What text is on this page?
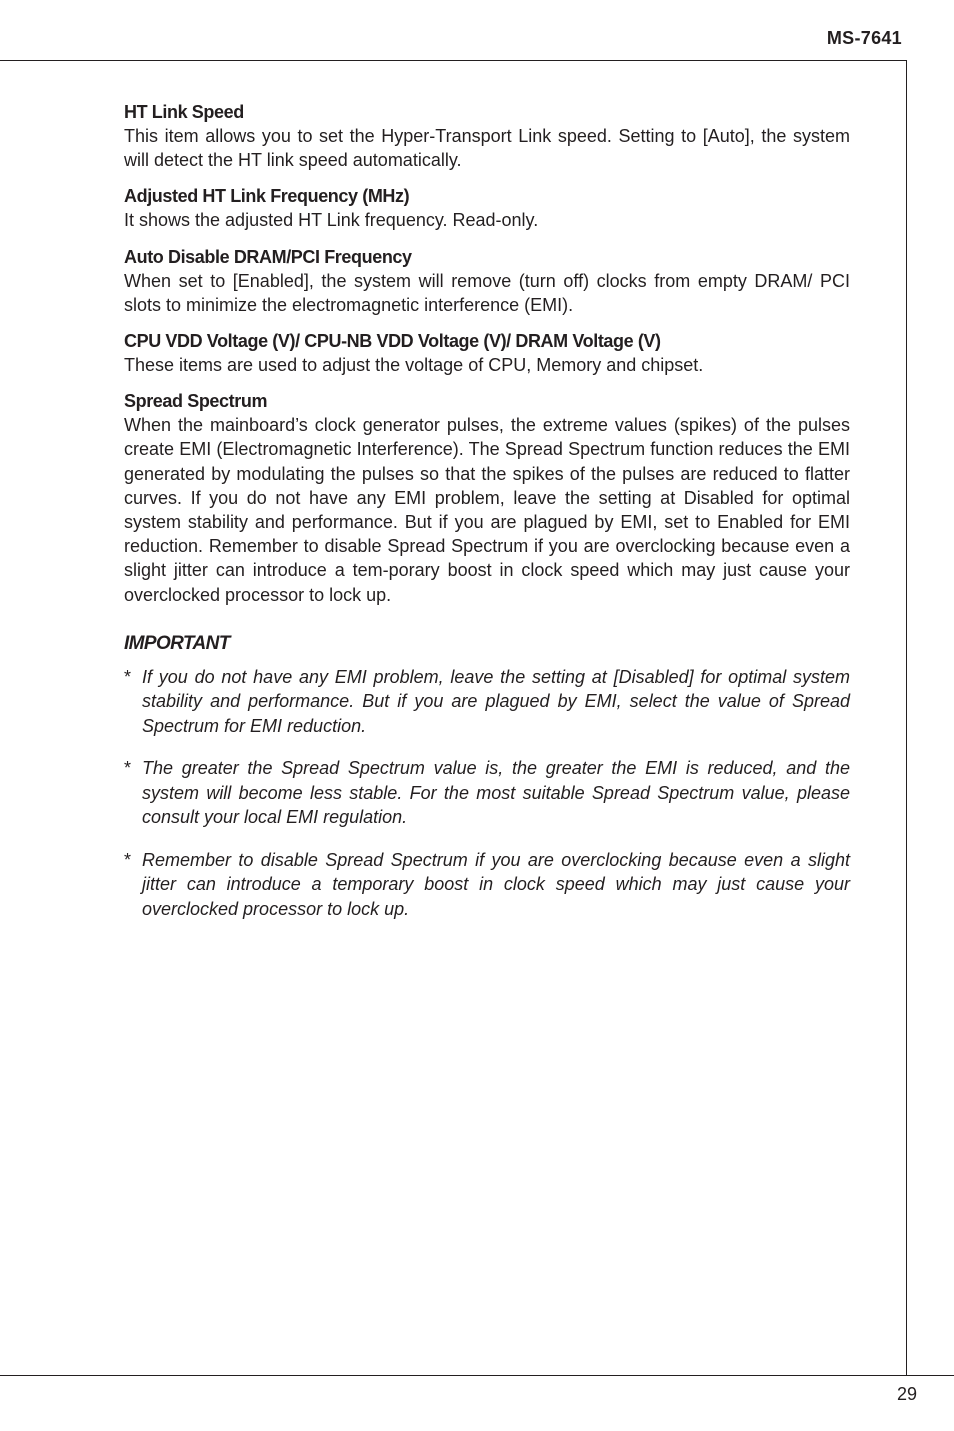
MS-7641
HT Link Speed
This item allows you to set the Hyper-Transport Link speed. Setting to [Auto], the system will detect the HT link speed automatically.
Adjusted HT Link Frequency (MHz)
It shows the adjusted HT Link frequency. Read-only.
Auto Disable DRAM/PCI Frequency
When set to [Enabled], the system will remove (turn off) clocks from empty DRAM/ PCI slots to minimize the electromagnetic interference (EMI).
CPU VDD Voltage (V)/ CPU-NB VDD Voltage (V)/ DRAM Voltage (V)
These items are used to adjust the voltage of CPU, Memory and chipset.
Spread Spectrum
When the mainboard’s clock generator pulses, the extreme values (spikes) of the pulses create EMI (Electromagnetic Interference). The Spread Spectrum function reduces the EMI generated by modulating the pulses so that the spikes of the pulses are reduced to flatter curves. If you do not have any EMI problem, leave the setting at Disabled for optimal system stability and performance. But if you are plagued by EMI, set to Enabled for EMI reduction. Remember to disable Spread Spectrum if you are overclocking because even a slight jitter can introduce a tem-porary boost in clock speed which may just cause your overclocked processor to lock up.
IMPORTANT
* If you do not have any EMI problem, leave the setting at [Disabled] for optimal system stability and performance. But if you are plagued by EMI, select the value of Spread Spectrum for EMI reduction.
* The greater the Spread Spectrum value is, the greater the EMI is reduced, and the system will become less stable. For the most suitable Spread Spectrum value, please consult your local EMI regulation.
* Remember to disable Spread Spectrum if you are overclocking because even a slight jitter can introduce a temporary boost in clock speed which may just cause your overclocked processor to lock up.
29
